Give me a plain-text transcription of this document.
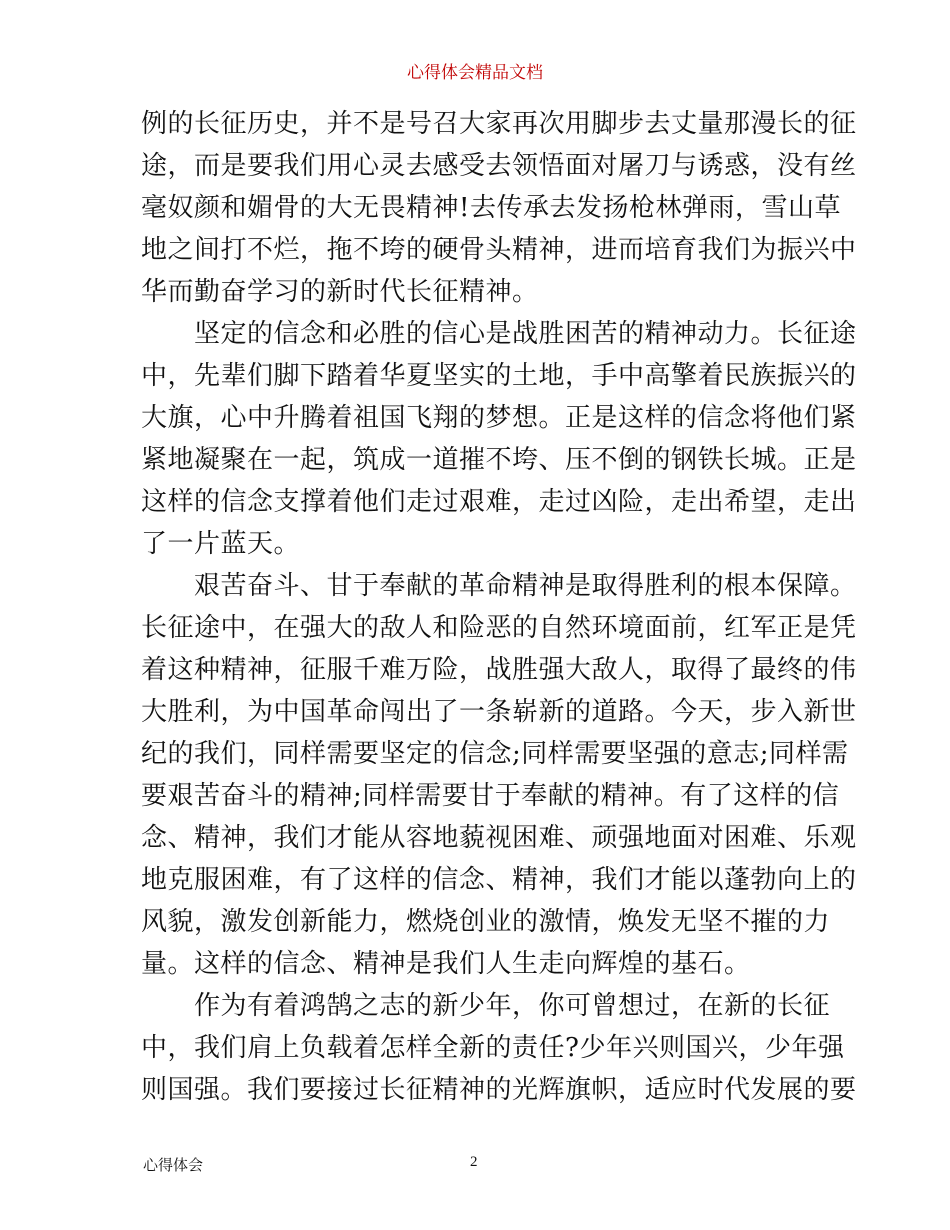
心得体会精品文档
例的长征历史，并不是号召大家再次用脚步去丈量那漫长的征
途，而是要我们用心灵去感受去领悟面对屠刀与诱惑，没有丝
毫奴颜和媚骨的大无畏精神!去传承去发扬枪林弹雨，雪山草
地之间打不烂，拖不垮的硬骨头精神，进而培育我们为振兴中
华而勤奋学习的新时代长征精神。
　　坚定的信念和必胜的信心是战胜困苦的精神动力。长征途
中，先辈们脚下踏着华夏坚实的土地，手中高擎着民族振兴的
大旗，心中升腾着祖国飞翔的梦想。正是这样的信念将他们紧
紧地凝聚在一起，筑成一道摧不垮、压不倒的钢铁长城。正是
这样的信念支撑着他们走过艰难，走过凶险，走出希望，走出
了一片蓝天。
　　艰苦奋斗、甘于奉献的革命精神是取得胜利的根本保障。
长征途中，在强大的敌人和险恶的自然环境面前，红军正是凭
着这种精神，征服千难万险，战胜强大敌人，取得了最终的伟
大胜利，为中国革命闯出了一条崭新的道路。今天，步入新世
纪的我们，同样需要坚定的信念;同样需要坚强的意志;同样需
要艰苦奋斗的精神;同样需要甘于奉献的精神。有了这样的信
念、精神，我们才能从容地藐视困难、顽强地面对困难、乐观
地克服困难，有了这样的信念、精神，我们才能以蓬勃向上的
风貌，激发创新能力，燃烧创业的激情，焕发无坚不摧的力
量。这样的信念、精神是我们人生走向辉煌的基石。
　　作为有着鸿鹄之志的新少年，你可曾想过，在新的长征
中，我们肩上负载着怎样全新的责任?少年兴则国兴，少年强
则国强。我们要接过长征精神的光辉旗帜，适应时代发展的要
心得体会	2
